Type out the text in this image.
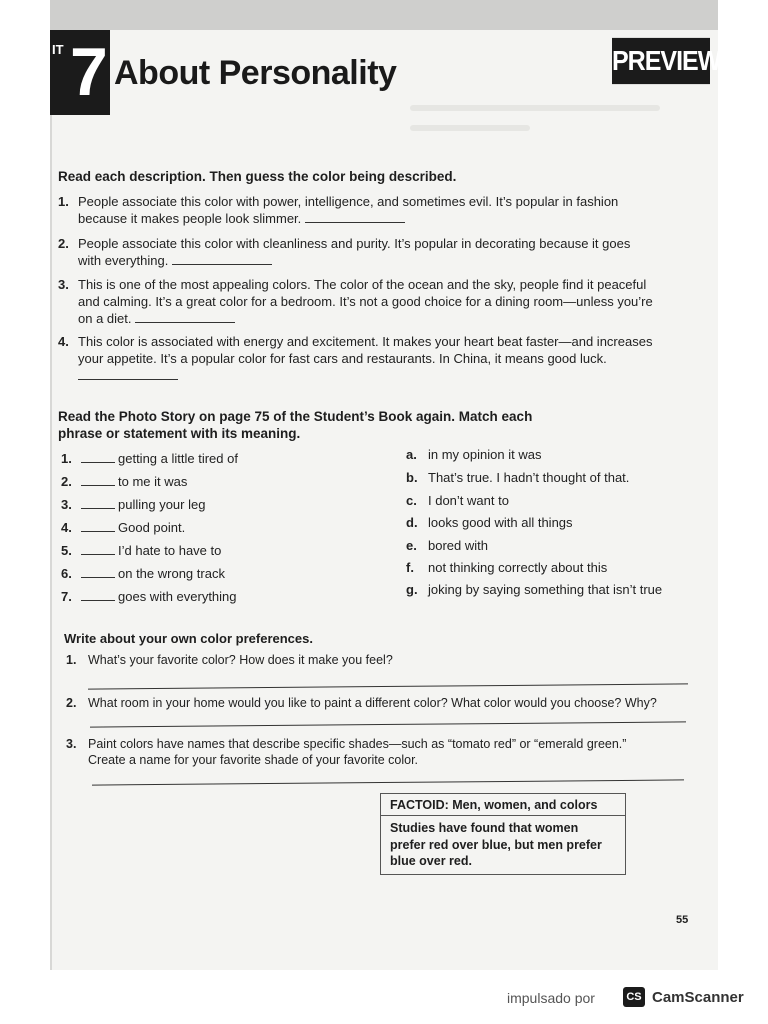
IT 7 About Personality	PREVIEW
Read each description. Then guess the color being described.
1. People associate this color with power, intelligence, and sometimes evil. It’s popular in fashion
because it makes people look slimmer.
2. People associate this color with cleanliness and purity. It’s popular in decorating because it goes
with everything.
3. This is one of the most appealing colors. The color of the ocean and the sky, people find it peaceful
and calming. It’s a great color for a bedroom. It’s not a good choice for a dining room—unless you’re
on a diet.
4. This color is associated with energy and excitement. It makes your heart beat faster—and increases
your appetite. It’s a popular color for fast cars and restaurants. In China, it means good luck.
Read the Photo Story on page 75 of the Student’s Book again. Match each
phrase or statement with its meaning.
1.	getting a little tired of
2.	to me it was
3.	pulling your leg
4.	Good point.
5.	I’d hate to have to
6.	on the wrong track
7.	goes with everything
a. in my opinion it was
b. That’s true. I hadn’t thought of that.
c. I don’t want to
d. looks good with all things
e. bored with
f. not thinking correctly about this
g. joking by saying something that isn’t true
Write about your own color preferences.
1. What’s your favorite color? How does it make you feel?
2. What room in your home would you like to paint a different color? What color would you choose? Why?
3. Paint colors have names that describe specific shades—such as “tomato red” or “emerald green.”
Create a name for your favorite shade of your favorite color.
FACTOID: Men, women, and colors
Studies have found that women
prefer red over blue, but men prefer
blue over red.
55
impulsado por	CS CamScanner
